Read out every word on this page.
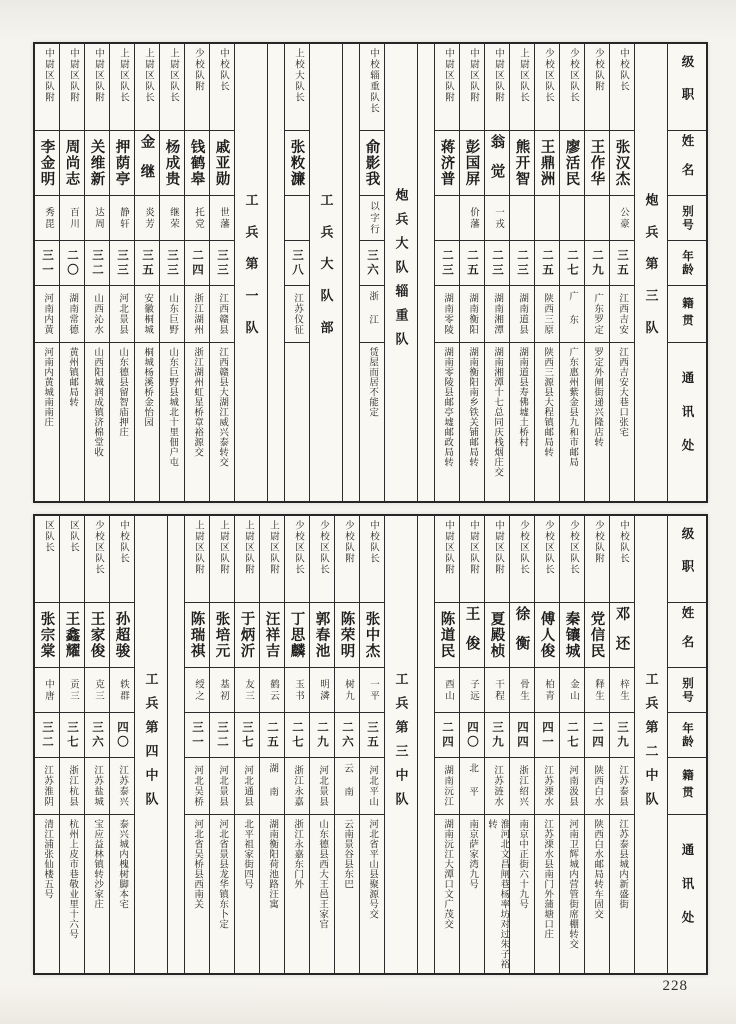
级职
姓名
别号
年龄
籍贯
通讯处
炮兵第三队
中校队长
张汉杰
公豪
三五
江西吉安
江西吉安大巷口张宅
少校队附
王作华
二九
广东罗定
罗定外闸街递兴隆店转
少校区队长
廖活民
二七
广东
广东惠州紫金县九和市邮局
少校区队长
王鼎洲
二五
陕西三原
陕西三源县大程镇邮局转
上尉区队长
熊开智
二三
湖南道县
湖南道县寿佛墟土桥村
中尉区队附
翁觉
一戎
二三
湖南湘潭
湖南湘潭十七总同庆栈烟庄交
中尉区队附
彭国屏
价藩
二五
湖南衡阳
湖南衡阳南乡铁关铺邮局转
中尉区队附
蒋济普
二三
湖南零陵
湖南零陵县邮亭墟邮政局转
炮兵大队辎重队
中校辎重队长
俞影我
以字行
三六
浙江
赁屋而居不能定
工兵大队部
上校大队长
张敉濂
三八
江苏仪征
工兵第一队
中校队长
戚亚勋
世藩
三三
江西赣县
江西赣县大湖江威兴泰转交
少校队附
钱鹤皋
托党
二四
浙江湖州
浙江湖州虹星桥章裕源交
上尉区队长
杨成贵
继荣
三三
山东巨野
山东巨野县城北十里佃户屯
上尉区队长
金继
炎芳
三五
安徽桐城
桐城杨溪桥金怡园
上尉区队长
押荫亭
静轩
三三
河北景县
山东德县留智庙押庄
中尉区队附
关维新
达周
三二
山西沁水
山西阳城润成镇济棉堂收
中尉区队附
周尚志
百川
二〇
湖南常德
黄州镇邮局转
中尉区队附
李金明
秀毘
三一
河南内黄
河南内黄城南南庄
级职
姓名
别号
年龄
籍贯
通讯处
工兵第二中队
中校队长
邓还
梓生
三九
江苏泰县
江苏泰县城内新盛街
少校队附
党信民
释生
二四
陕西白水
陕西白水邮局转车固交
少校区队长
秦镶城
金山
二七
河南汲县
河南卫辉城内营管街席棚转交
少校区队长
傅人俊
柏青
四一
江苏溧水
江苏溧水县南门外蒲塘口庄
少校区队长
徐衡
骨生
四四
浙江绍兴
南京中正街六十九号
中尉区队附
夏殿桢
干程
三九
江苏涟水
淮河北文昌闸巷杨率坊对过朱子裕转
中尉区队附
王俊
子远
四〇
北平
南京萨家湾九号
中尉区队附
陈道民
酉山
二四
湖南沅江
湖南沅江大潭口文广茂交
工兵第三中队
中校队长
张中杰
一平
三五
河北平山
河北省平山县聚源号交
少校队附
陈荣明
树九
二六
云南
云南景谷县东巴
少校区队长
郭春池
明潾
二九
河北景县
山东德县西大王邑王家官
少校区队长
丁思麟
玉书
二七
浙江永嘉
浙江永嘉东门外
上尉区队附
汪祥吉
鹤云
二五
湖南
湖南衡阳荷池路汪寓
上尉区队附
于炳沂
友三
三七
河北通县
北平祖家街四号
上尉区队附
张培元
基初
三二
河北景县
河北省景县龙华镇东卜定
上尉区队附
陈瑞祺
绶之
三一
河北吴桥
河北省吴桥县西南关
工兵第四中队
中校队长
孙超骏
轶群
四〇
江苏泰兴
泰兴城内槐树脚本宅
少校区队长
王家俊
克三
三六
江苏盐城
宝应益林镇转沙家庄
区队长
王鑫耀
贡三
三七
浙江杭县
杭州上皮市巷敬业里十六号
区队长
张宗棠
中唐
三二
江苏淮阴
清江浦张仙楼五号
228
